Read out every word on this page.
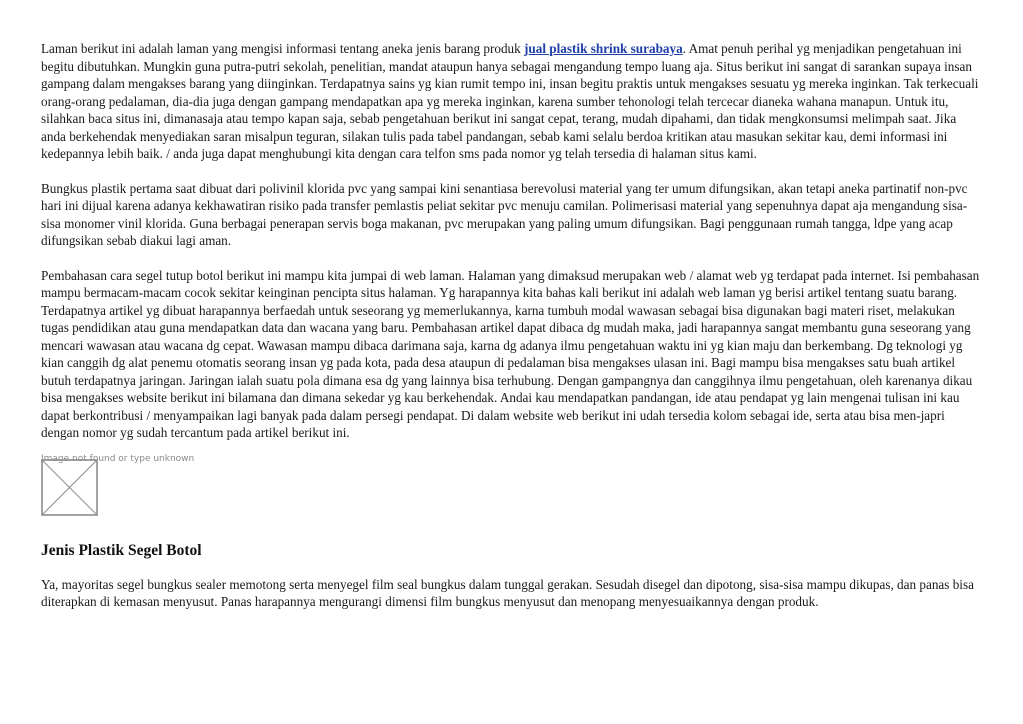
Laman berikut ini adalah laman yang mengisi informasi tentang aneka jenis barang produk jual plastik shrink surabaya. Amat penuh perihal yg menjadikan pengetahuan ini begitu dibutuhkan. Mungkin guna putra-putri sekolah, penelitian, mandat ataupun hanya sebagai mengandung tempo luang aja. Situs berikut ini sangat di sarankan supaya insan gampang dalam mengakses barang yang diinginkan. Terdapatnya sains yg kian rumit tempo ini, insan begitu praktis untuk mengakses sesuatu yg mereka inginkan. Tak terkecuali orang-orang pedalaman, dia-dia juga dengan gampang mendapatkan apa yg mereka inginkan, karena sumber tehonologi telah tercecar dianeka wahana manapun. Untuk itu, silahkan baca situs ini, dimanasaja atau tempo kapan saja, sebab pengetahuan berikut ini sangat cepat, terang, mudah dipahami, dan tidak mengkonsumsi melimpah saat. Jika anda berkehendak menyediakan saran misalpun teguran, silakan tulis pada tabel pandangan, sebab kami selalu berdoa kritikan atau masukan sekitar kau, demi informasi ini kedepannya lebih baik. / anda juga dapat menghubungi kita dengan cara telfon sms pada nomor yg telah tersedia di halaman situs kami.

Bungkus plastik pertama saat dibuat dari polivinil klorida pvc yang sampai kini senantiasa berevolusi material yang ter umum difungsikan, akan tetapi aneka partinatif non-pvc hari ini dijual karena adanya kekhawatiran risiko pada transfer pemlastis peliat sekitar pvc menuju camilan. Polimerisasi material yang sepenuhnya dapat aja mengandung sisa-sisa monomer vinil klorida. Guna berbagai penerapan servis boga makanan, pvc merupakan yang paling umum difungsikan. Bagi penggunaan rumah tangga, ldpe yang acap difungsikan sebab diakui lagi aman.

Pembahasan cara segel tutup botol berikut ini mampu kita jumpai di web laman. Halaman yang dimaksud merupakan web / alamat web yg terdapat pada internet. Isi pembahasan mampu bermacam-macam cocok sekitar keinginan pencipta situs halaman. Yg harapannya kita bahas kali berikut ini adalah web laman yg berisi artikel tentang suatu barang. Terdapatnya artikel yg dibuat harapannya berfaedah untuk seseorang yg memerlukannya, karna tumbuh modal wawasan sebagai bisa digunakan bagi materi riset, melakukan tugas pendidikan atau guna mendapatkan data dan wacana yang baru. Pembahasan artikel dapat dibaca dg mudah maka, jadi harapannya sangat membantu guna seseorang yang mencari wawasan atau wacana dg cepat. Wawasan mampu dibaca darimana saja, karna dg adanya ilmu pengetahuan waktu ini yg kian maju dan berkembang. Dg teknologi yg kian canggih dg alat penemu otomatis seorang insan yg pada kota, pada desa ataupun di pedalaman bisa mengakses ulasan ini. Bagi mampu bisa mengakses satu buah artikel butuh terdapatnya jaringan. Jaringan ialah suatu pola dimana esa dg yang lainnya bisa terhubung. Dengan gampangnya dan canggihnya ilmu pengetahuan, oleh karenanya dikau bisa mengakses website berikut ini bilamana dan dimana sekedar yg kau berkehendak. Andai kau mendapatkan pandangan, ide atau pendapat yg lain mengenai tulisan ini kau dapat berkontribusi / menyampaikan lagi banyak pada dalam persegi pendapat. Di dalam website web berikut ini udah tersedia kolom sebagai ide, serta atau bisa men-japri dengan nomor yg sudah tercantum pada artikel berikut ini.

Image not found or type unknown
Jenis Plastik Segel Botol

Ya, mayoritas segel bungkus sealer memotong serta menyegel film seal bungkus dalam tunggal gerakan. Sesudah disegel dan dipotong, sisa-sisa mampu dikupas, dan panas bisa diterapkan di kemasan menyusut. Panas harapannya mengurangi dimensi film bungkus menyusut dan menopang menyesuaikannya dengan produk.
